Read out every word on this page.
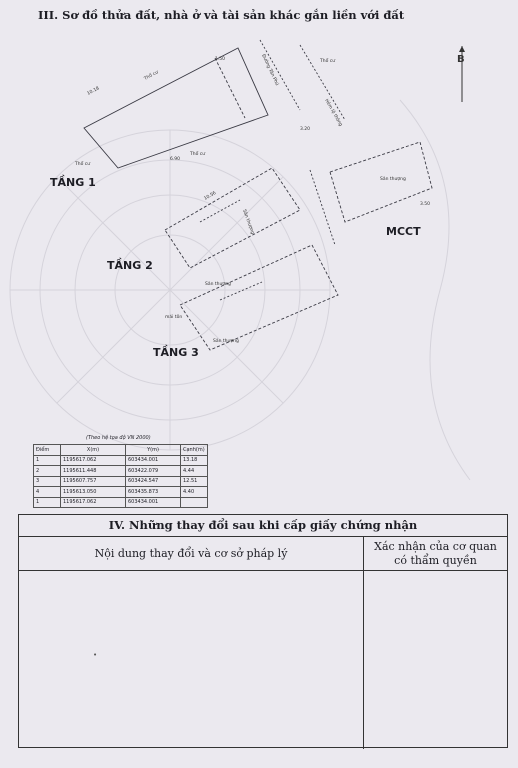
III. Sơ đồ thửa đất, nhà ở và tài sản khác gắn liền với đất
B
Thổ cư
Thổ cư
Thổ cư
Thổ cư
Hẻm lộ thông
Đường Tân Phú
Sân thượng
Sân thượng
Sân thượng
mái tôn
Sân thượng
10.18
6.90
1.50
3.20
10.56
3.50
TẦNG 1
TẦNG 2
TẦNG 3
MCCT
(Theo hệ tọa độ VN 2000)
Điểm	X(m)	Y(m)	Cạnh(m)
1	1195617.062	603434.001	13.18
2	1195611.448	603422.079	4.44
3	1195607.757	603424.547	12.51
4	1195613.050	603435.873	4.40
1	1195617.062	603434.001	
IV. Những thay đổi sau khi cấp giấy chứng nhận
Nội dung thay đổi và cơ sở pháp lý
Xác nhận của cơ quan
có thẩm quyền
•
